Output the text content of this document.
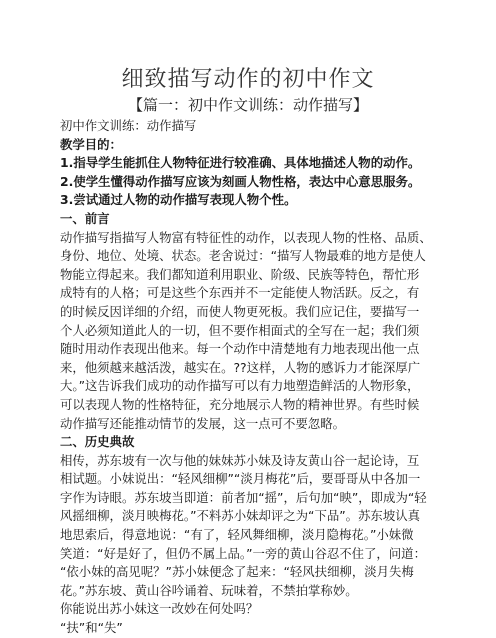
细致描写动作的初中作文
【篇一：初中作文训练：动作描写】
初中作文训练：动作描写
教学目的：
1.指导学生能抓住人物特征进行较准确、具体地描述人物的动作。
2.使学生懂得动作描写应该为刻画人物性格，表达中心意思服务。
3.尝试通过人物的动作描写表现人物个性。
一、前言
动作描写指描写人物富有特征性的动作，以表现人物的性格、品质、
身份、地位、处境、状态。老舍说过：“描写人物最难的地方是使人
物能立得起来。我们都知道利用职业、阶级、民族等特色，帮忙形
成特有的人格；可是这些个东西并不一定能使人物活跃。反之，有
的时候反因详细的介绍，而使人物更死板。我们应记住，要描写一
个人必须知道此人的一切，但不要作相面式的全写在一起；我们须
随时用动作表现出他来。每一个动作中清楚地有力地表现出他一点
来，他须越来越活泼，越实在。??这样，人物的感诉力才能深厚广
大。”这告诉我们成功的动作描写可以有力地塑造鲜活的人物形象，
可以表现人物的性格特征，充分地展示人物的精神世界。有些时候
动作描写还能推动情节的发展，这一点可不要忽略。
二、历史典故
相传，苏东坡有一次与他的妹妹苏小妹及诗友黄山谷一起论诗，互
相试题。小妹说出：“轻风细柳”“淡月梅花”后，要哥哥从中各加一
字作为诗眼。苏东坡当即道：前者加“摇”，后句加“映”，即成为“轻
风摇细柳，淡月映梅花。”不料苏小妹却评之为“下品”。苏东坡认真
地思索后，得意地说：“有了，轻风舞细柳，淡月隐梅花。”小妹微
笑道：“好是好了，但仍不属上品。”一旁的黄山谷忍不住了，问道：
“依小妹的高见呢？”苏小妹便念了起来：“轻风扶细柳，淡月失梅
花。”苏东坡、黄山谷吟诵着、玩味着，不禁拍掌称妙。
你能说出苏小妹这一改妙在何处吗？
“扶”和“失”
